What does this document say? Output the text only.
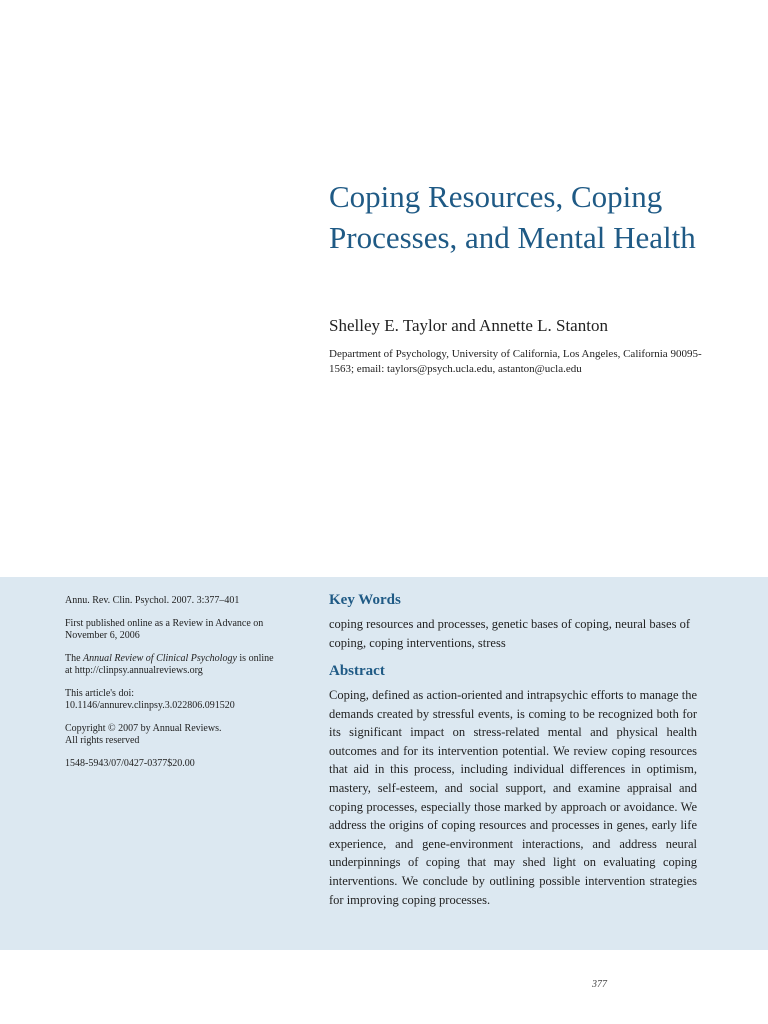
Coping Resources, Coping Processes, and Mental Health
Shelley E. Taylor and Annette L. Stanton
Department of Psychology, University of California, Los Angeles, California 90095-1563; email: taylors@psych.ucla.edu, astanton@ucla.edu

Annu. Rev. Clin. Psychol. 2007. 3:377–401

First published online as a Review in Advance on November 6, 2006

The Annual Review of Clinical Psychology is online at http://clinpsy.annualreviews.org

This article's doi:
10.1146/annurev.clinpsy.3.022806.091520

Copyright © 2007 by Annual Reviews.
All rights reserved

1548-5943/07/0427-0377$20.00

Key Words

coping resources and processes, genetic bases of coping, neural bases of coping, coping interventions, stress

Abstract

Coping, defined as action-oriented and intrapsychic efforts to manage the demands created by stressful events, is coming to be recognized both for its significant impact on stress-related mental and physical health outcomes and for its intervention potential. We review coping resources that aid in this process, including individual differences in optimism, mastery, self-esteem, and social support, and examine appraisal and coping processes, especially those marked by approach or avoidance. We address the origins of coping resources and processes in genes, early life experience, and gene-environment interactions, and address neural underpinnings of coping that may shed light on evaluating coping interventions. We conclude by outlining possible intervention strategies for improving coping processes.

377
